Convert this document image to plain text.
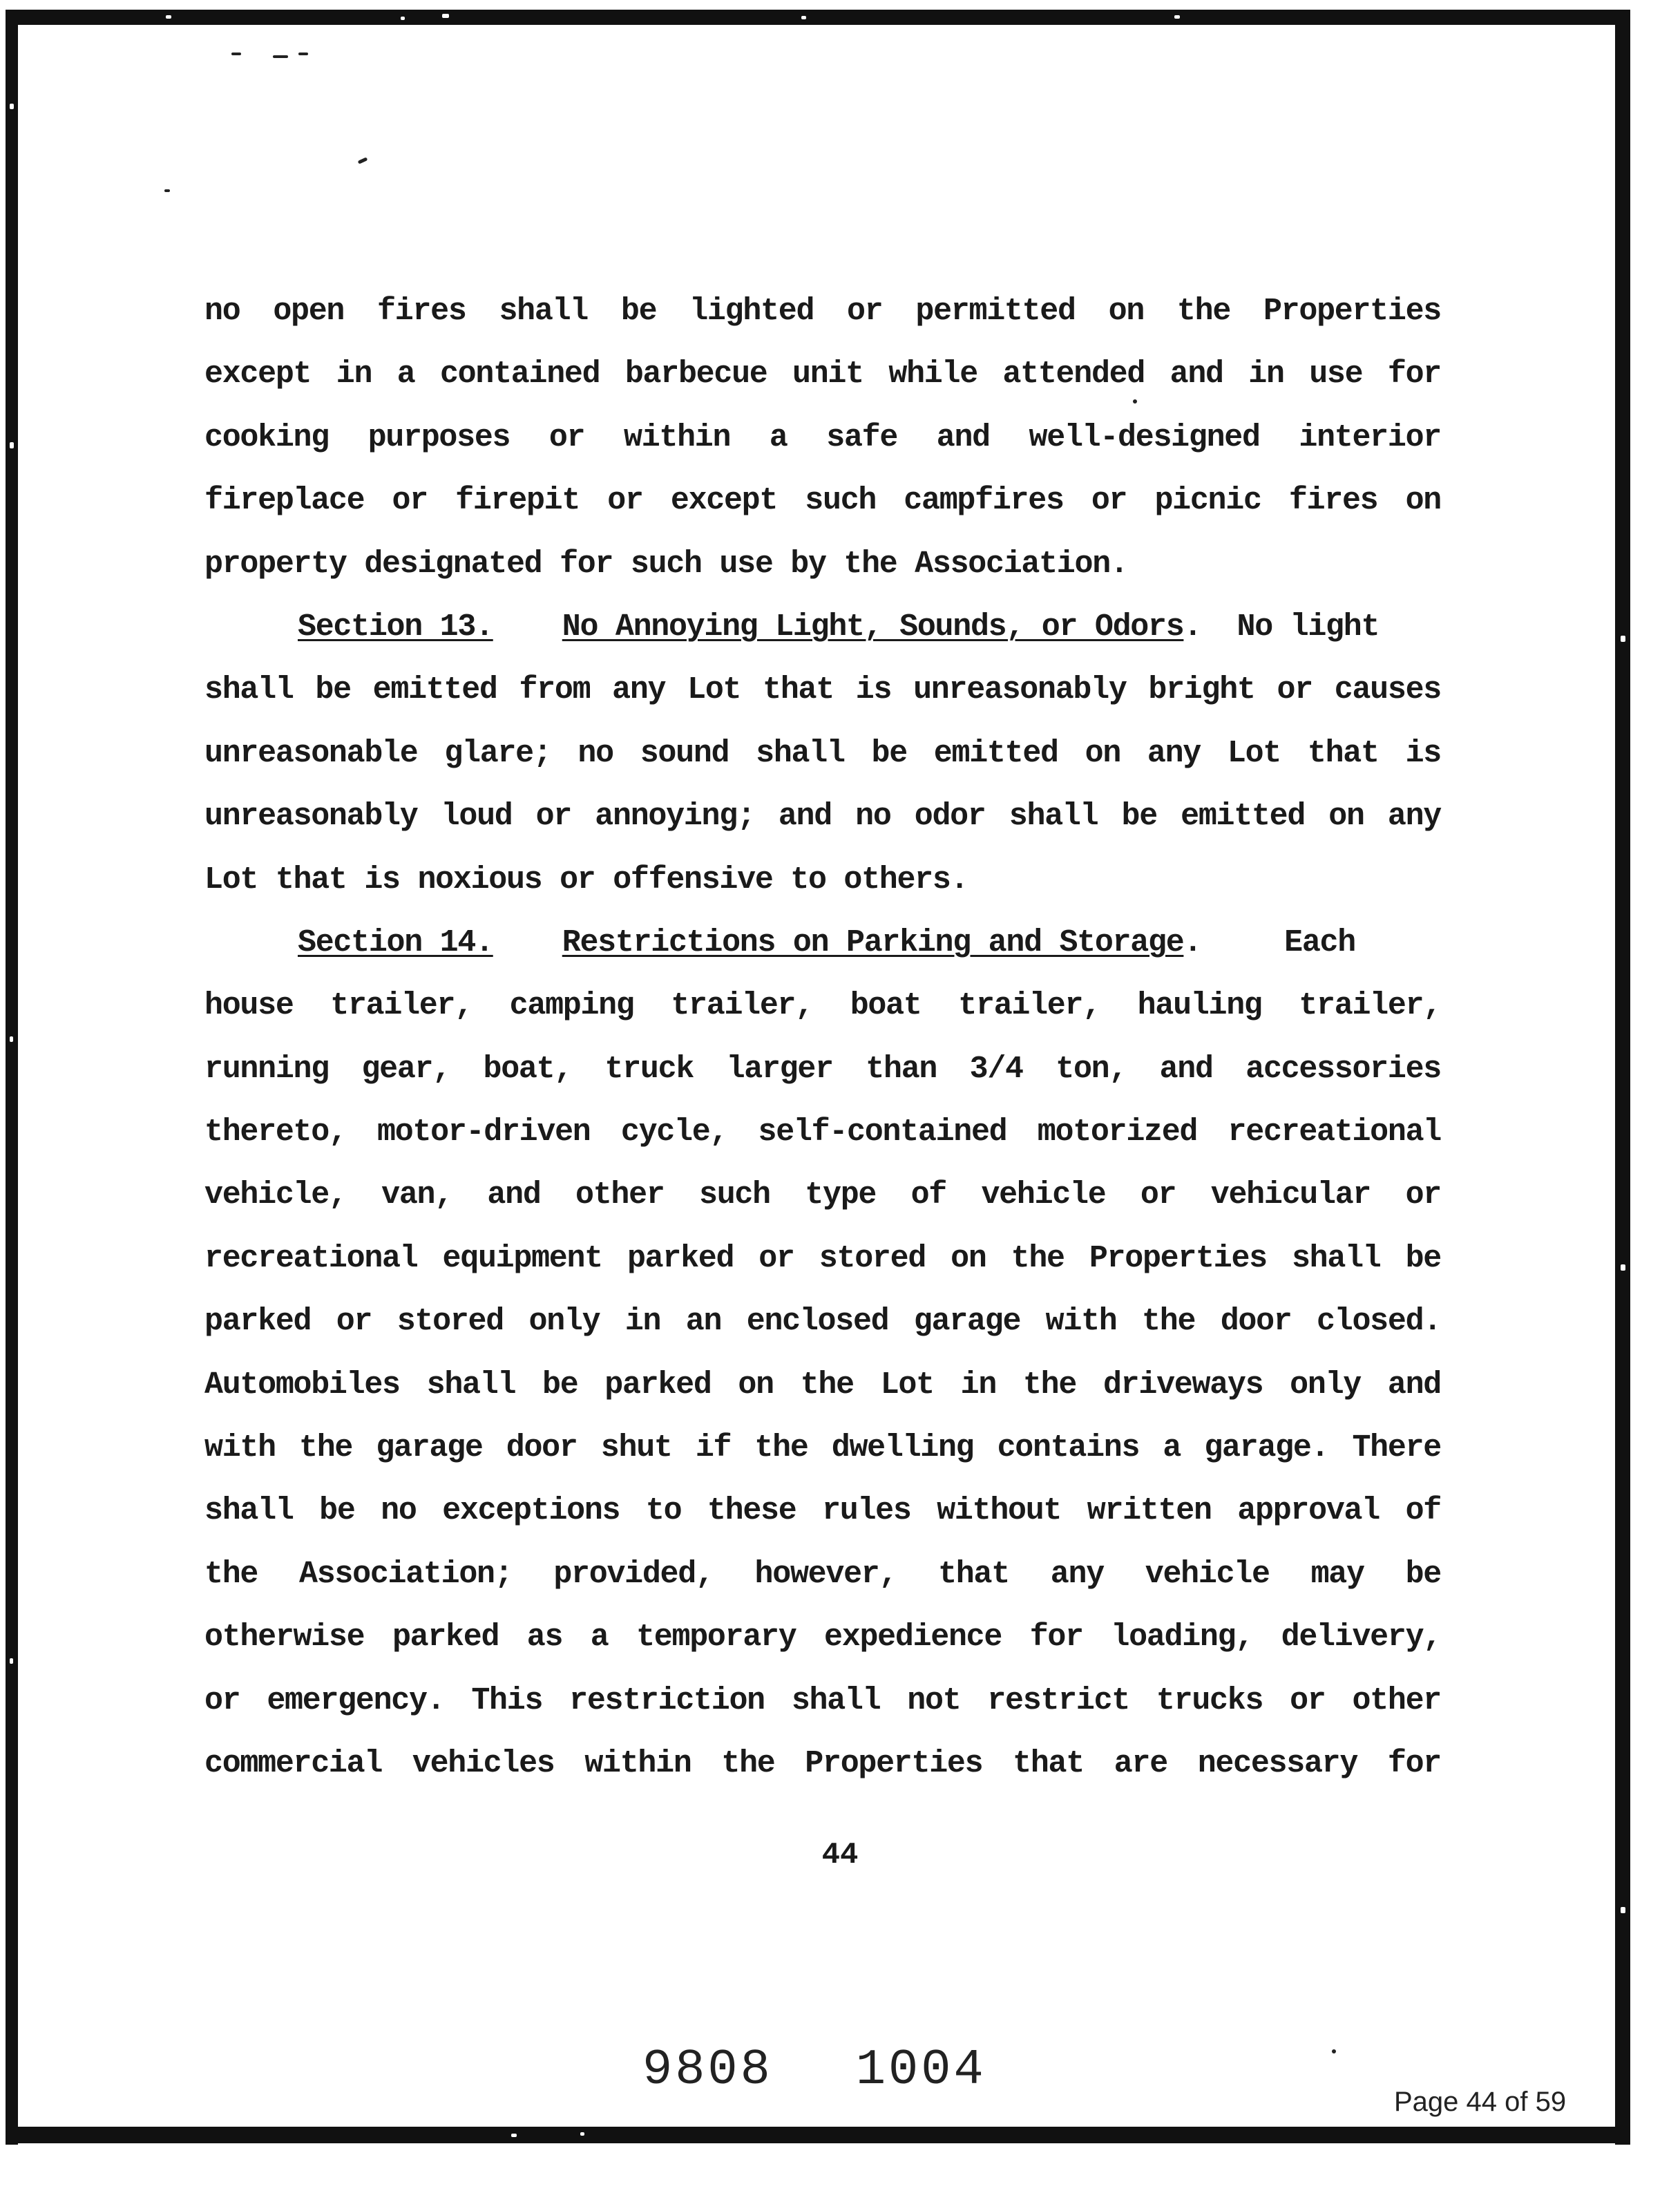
no open fires shall be lighted or permitted on the Properties
except in a contained barbecue unit while attended and in use for
cooking purposes or within a safe and well-designed interior
fireplace or firepit or except such campfires or picnic fires on
property designated for such use by the Association.
Section 13. No Annoying Light, Sounds, or Odors.  No light
shall be emitted from any Lot that is unreasonably bright or causes
unreasonable glare; no sound shall be emitted on any Lot that is
unreasonably loud or annoying; and no odor shall be emitted on any
Lot that is noxious or offensive to others.
Section 14. Restrictions on Parking and Storage.	Each
house trailer, camping trailer, boat trailer, hauling trailer,
running gear, boat, truck larger than 3/4 ton, and accessories
thereto, motor-driven cycle, self-contained motorized recreational
vehicle, van, and other such type of vehicle or vehicular or
recreational equipment parked or stored on the Properties shall be
parked or stored only in an enclosed garage with the door closed.
Automobiles shall be parked on the Lot in the driveways only and
with the garage door shut if the dwelling contains a garage. There
shall be no exceptions to these rules without written approval of
the Association; provided, however, that any vehicle may be
otherwise parked as a temporary expedience for loading, delivery,
or emergency. This restriction shall not restrict trucks or other
commercial vehicles within the Properties that are necessary for
44
9808 1004
Page 44 of 59
